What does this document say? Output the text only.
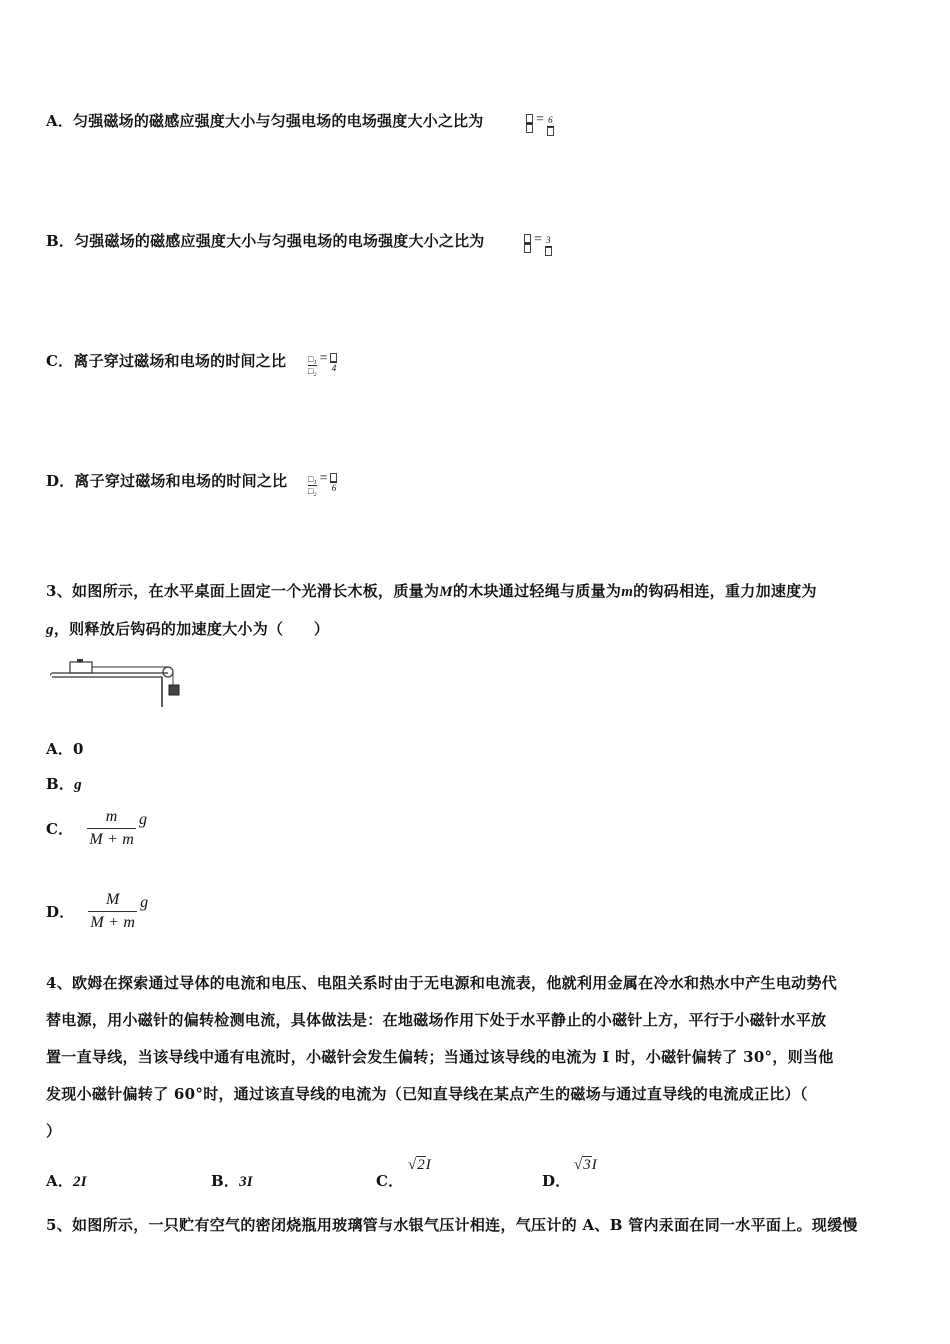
A．匀强磁场的磁感应强度大小与匀强电场的电场强度大小之比为	= 6
B．匀强磁场的磁感应强度大小与匀强电场的电场强度大小之比为	= 3
C．离子穿过磁场和电场的时间之比 $\frac{\text{□₁}}{\text{□₂}}$ =
4
D．离子穿过磁场和电场的时间之比 $\frac{\text{□₁}}{\text{□₂}}$ =
6
3、如图所示，在水平桌面上固定一个光滑长木板，质量为M的木块通过轻绳与质量为m的钩码相连，重力加速度为
g，则释放后钩码的加速度大小为（　　）
A．0
B．g
C．
m
M + m
g
D．
M
M + m
g
4、欧姆在探索通过导体的电流和电压、电阻关系时由于无电源和电流表，他就利用金属在冷水和热水中产生电动势代
替电源，用小磁针的偏转检测电流，具体做法是：在地磁场作用下处于水平静止的小磁针上方，平行于小磁针水平放
置一直导线，当该导线中通有电流时，小磁针会发生偏转；当通过该导线的电流为 I 时，小磁针偏转了 30°，则当他
发现小磁针偏转了 60°时，通过该直导线的电流为（已知直导线在某点产生的磁场与通过直导线的电流成正比）（
）
A．2I	B．3I	C．
√2I
D．
√3I
5、如图所示，一只贮有空气的密闭烧瓶用玻璃管与水银气压计相连，气压计的 A、B 管内汞面在同一水平面上。现缓慢
